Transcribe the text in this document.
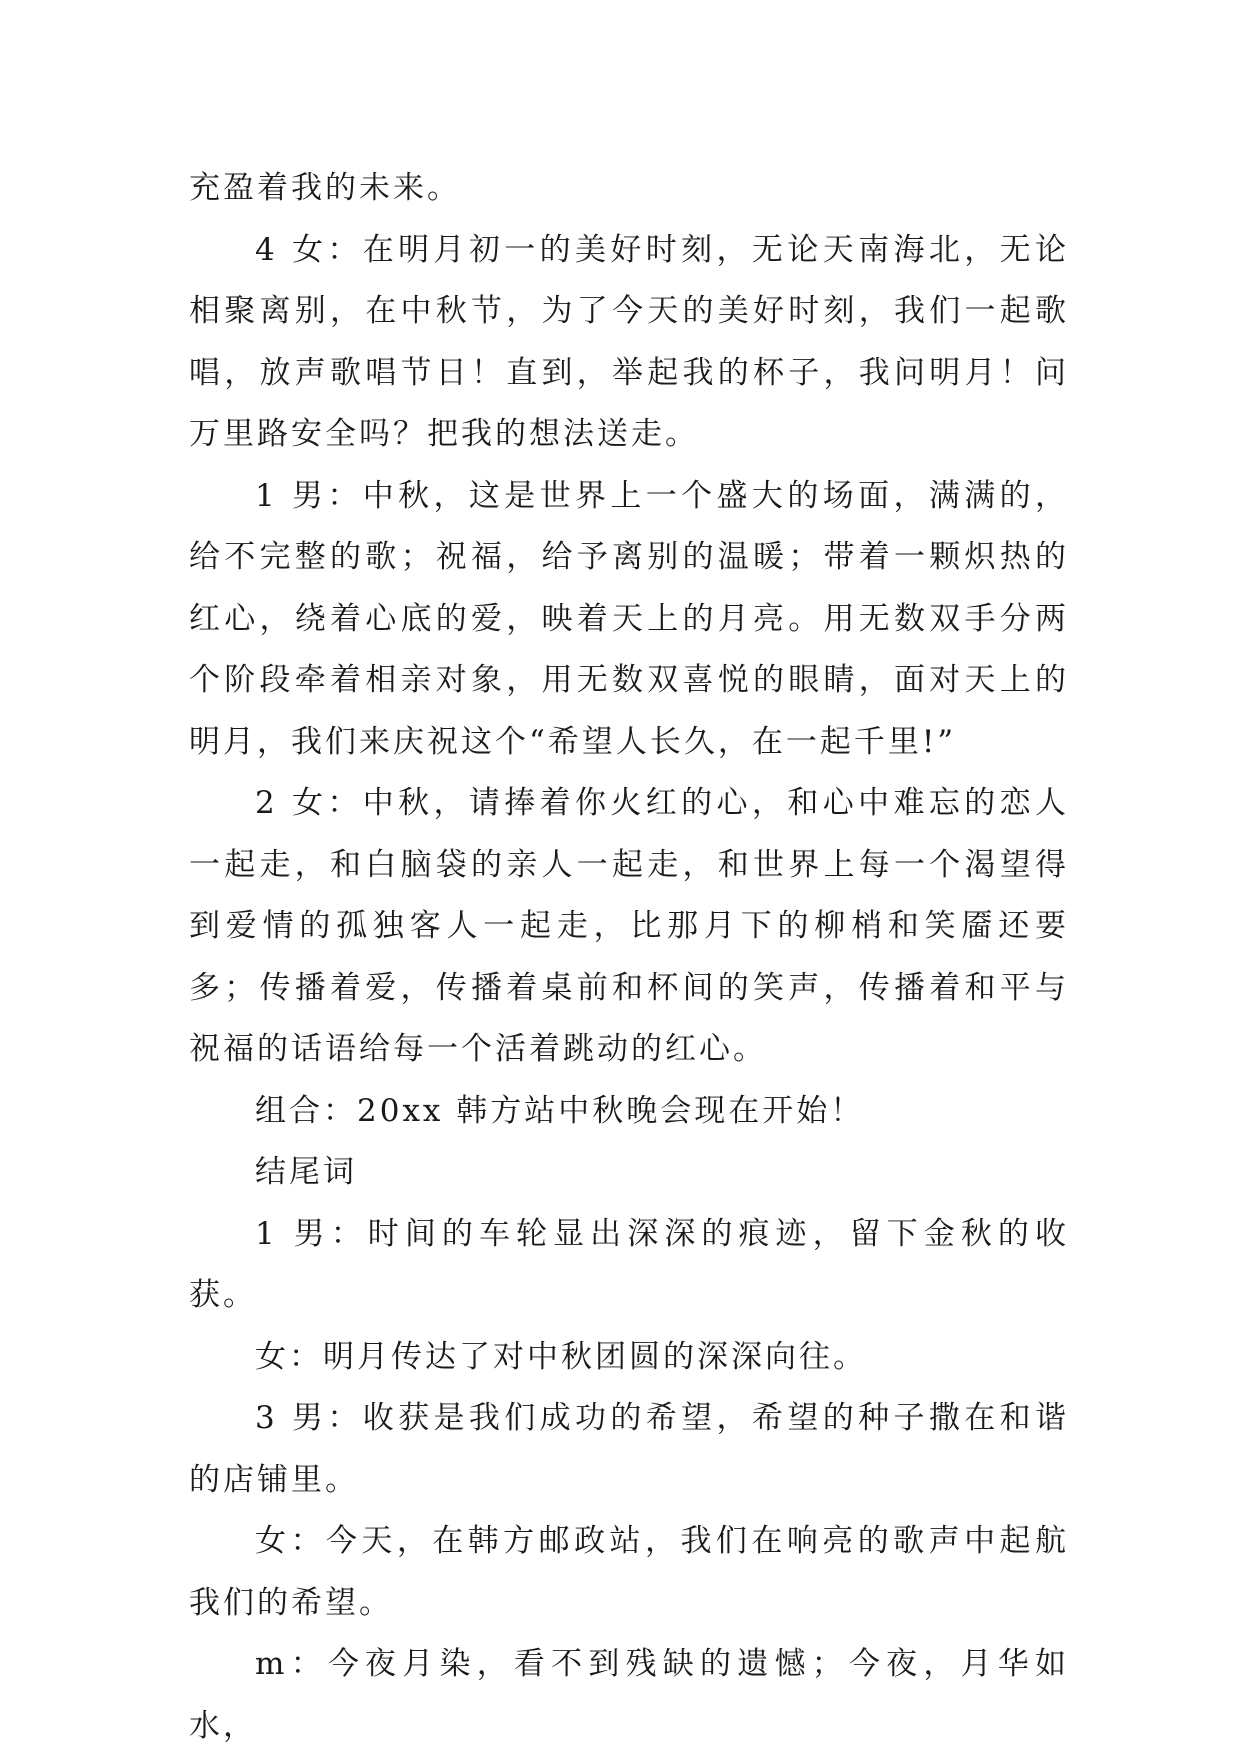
充盈着我的未来。

4 女：在明月初一的美好时刻，无论天南海北，无论相聚离别，在中秋节，为了今天的美好时刻，我们一起歌唱，放声歌唱节日！直到，举起我的杯子，我问明月！问万里路安全吗？把我的想法送走。

1 男：中秋，这是世界上一个盛大的场面，满满的，给不完整的歌；祝福，给予离别的温暖；带着一颗炽热的红心，绕着心底的爱，映着天上的月亮。用无数双手分两个阶段牵着相亲对象，用无数双喜悦的眼睛，面对天上的明月，我们来庆祝这个“希望人长久，在一起千里!”

2 女：中秋，请捧着你火红的心，和心中难忘的恋人一起走，和白脑袋的亲人一起走，和世界上每一个渴望得到爱情的孤独客人一起走，比那月下的柳梢和笑靥还要多；传播着爱，传播着桌前和杯间的笑声，传播着和平与祝福的话语给每一个活着跳动的红心。

组合：20xx 韩方站中秋晚会现在开始！

结尾词

1 男：时间的车轮显出深深的痕迹，留下金秋的收获。

女：明月传达了对中秋团圆的深深向往。

3 男：收获是我们成功的希望，希望的种子撒在和谐的店铺里。

女：今天，在韩方邮政站，我们在响亮的歌声中起航我们的希望。

m：今夜月染，看不到残缺的遗憾；今夜，月华如水，
